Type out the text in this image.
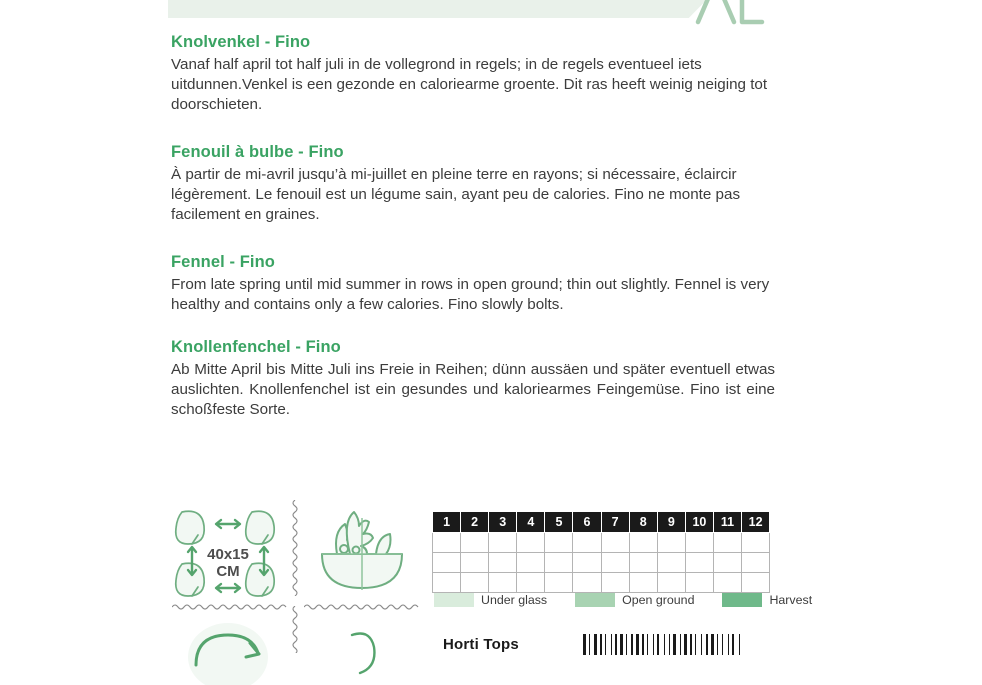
Knolvenkel - Fino
Vanaf half april tot half juli in de vollegrond in regels; in de regels eventueel iets uitdunnen.Venkel is een gezonde en caloriearme groente. Dit ras heeft weinig neiging tot doorschieten.
Fenouil à bulbe - Fino
À partir de mi-avril jusqu’à mi-juillet en pleine terre en rayons; si nécessaire, éclaircir légèrement. Le fenouil est un légume sain, ayant peu de calories. Fino ne monte pas facilement en graines.
Fennel - Fino
From late spring until mid summer in rows in open ground; thin out slightly. Fennel is very healthy and contains only a few calories. Fino slowly bolts.
Knollenfenchel - Fino
Ab Mitte April bis Mitte Juli ins Freie in Reihen; dünn aussäen und später eventuell etwas auslichten. Knollenfenchel ist ein gesundes und kaloriearmes Feingemüse. Fino ist eine schoßfeste Sorte.
40x15
CM
1	2	3	4	5	6	7	8	9	10	11	12

Under glass	Open ground	Harvest
Horti Tops
